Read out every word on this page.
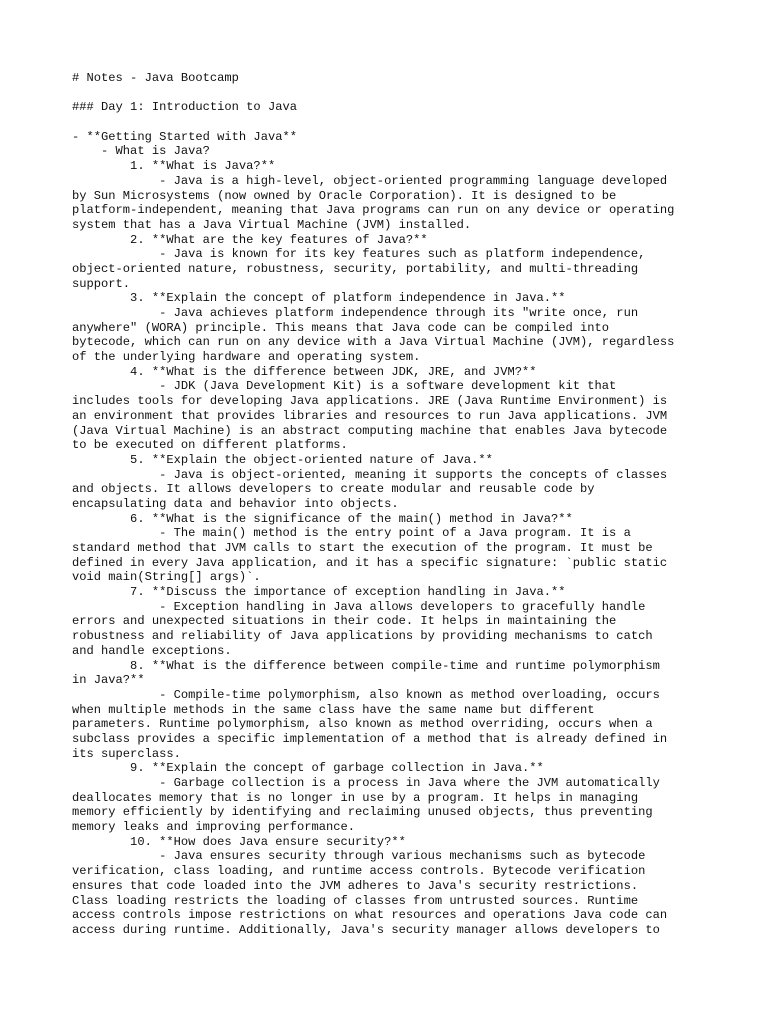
# Notes - Java Bootcamp
### Day 1: Introduction to Java
- **Getting Started with Java**
- What is Java?
1. **What is Java?**
- Java is a high-level, object-oriented programming language developed
by Sun Microsystems (now owned by Oracle Corporation). It is designed to be
platform-independent, meaning that Java programs can run on any device or operating
system that has a Java Virtual Machine (JVM) installed.
2. **What are the key features of Java?**
- Java is known for its key features such as platform independence,
object-oriented nature, robustness, security, portability, and multi-threading
support.
3. **Explain the concept of platform independence in Java.**
- Java achieves platform independence through its "write once, run
anywhere" (WORA) principle. This means that Java code can be compiled into
bytecode, which can run on any device with a Java Virtual Machine (JVM), regardless
of the underlying hardware and operating system.
4. **What is the difference between JDK, JRE, and JVM?**
- JDK (Java Development Kit) is a software development kit that
includes tools for developing Java applications. JRE (Java Runtime Environment) is
an environment that provides libraries and resources to run Java applications. JVM
(Java Virtual Machine) is an abstract computing machine that enables Java bytecode
to be executed on different platforms.
5. **Explain the object-oriented nature of Java.**
- Java is object-oriented, meaning it supports the concepts of classes
and objects. It allows developers to create modular and reusable code by
encapsulating data and behavior into objects.
6. **What is the significance of the main() method in Java?**
- The main() method is the entry point of a Java program. It is a
standard method that JVM calls to start the execution of the program. It must be
defined in every Java application, and it has a specific signature: `public static
void main(String[] args)`.
7. **Discuss the importance of exception handling in Java.**
- Exception handling in Java allows developers to gracefully handle
errors and unexpected situations in their code. It helps in maintaining the
robustness and reliability of Java applications by providing mechanisms to catch
and handle exceptions.
8. **What is the difference between compile-time and runtime polymorphism
in Java?**
- Compile-time polymorphism, also known as method overloading, occurs
when multiple methods in the same class have the same name but different
parameters. Runtime polymorphism, also known as method overriding, occurs when a
subclass provides a specific implementation of a method that is already defined in
its superclass.
9. **Explain the concept of garbage collection in Java.**
- Garbage collection is a process in Java where the JVM automatically
deallocates memory that is no longer in use by a program. It helps in managing
memory efficiently by identifying and reclaiming unused objects, thus preventing
memory leaks and improving performance.
10. **How does Java ensure security?**
- Java ensures security through various mechanisms such as bytecode
verification, class loading, and runtime access controls. Bytecode verification
ensures that code loaded into the JVM adheres to Java's security restrictions.
Class loading restricts the loading of classes from untrusted sources. Runtime
access controls impose restrictions on what resources and operations Java code can
access during runtime. Additionally, Java's security manager allows developers to
